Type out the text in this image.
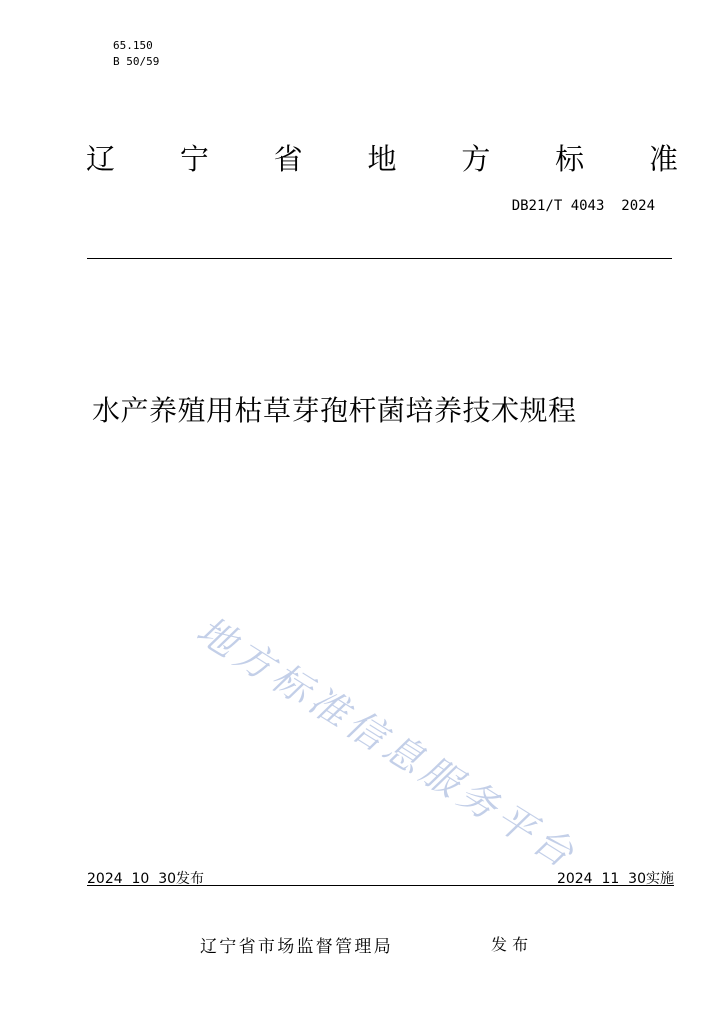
65.150
B 50/59
辽 宁 省 地 方 标 准
DB21/T 4043  2024
水产养殖用枯草芽孢杆菌培养技术规程
地方标准信息服务平台
2024  10  30发布	2024  11  30实施
辽宁省市场监督管理局	发 布
